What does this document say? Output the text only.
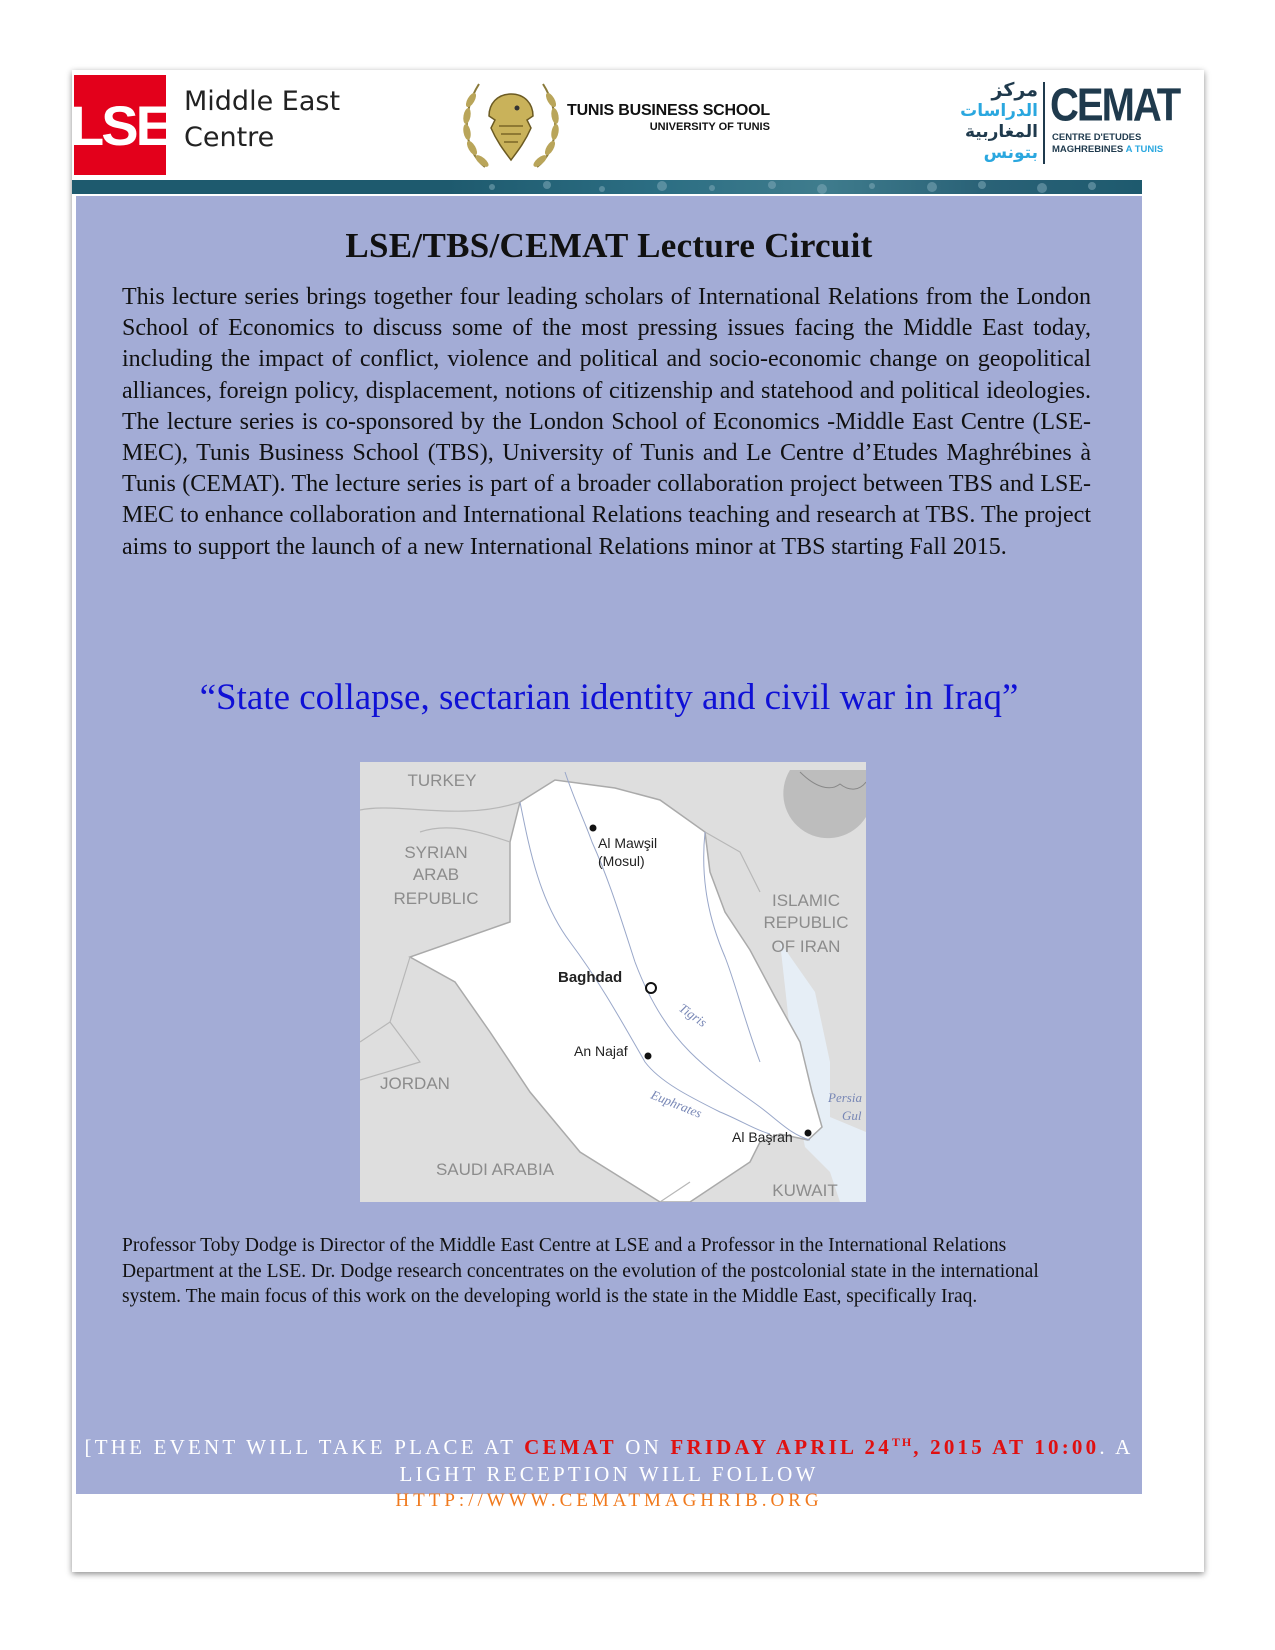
LSE Middle East
Centre
TUNIS BUSINESS SCHOOL
UNIVERSITY OF TUNIS
مركز
الدراسات
المغاربية
بتونس
CEMAT
CENTRE D'ETUDES
MAGHREBINES A TUNIS
LSE/TBS/CEMAT Lecture Circuit

This lecture series brings together four leading scholars of International Relations from the London School of Economics to discuss some of the most pressing issues facing the Middle East today, including the impact of conflict, violence and political and socio-economic change on geopolitical alliances, foreign policy, displacement, notions of citizenship and statehood and political ideologies. The lecture series is co-sponsored by the London School of Economics -Middle East Centre (LSE-MEC), Tunis Business School (TBS), University of Tunis and Le Centre d’Etudes Maghrébines à Tunis (CEMAT). The lecture series is part of a broader collaboration project between TBS and LSE-MEC to enhance collaboration and International Relations teaching and research at TBS. The project aims to support the launch of a new International Relations minor at TBS starting Fall 2015.

“State collapse, sectarian identity and civil war in Iraq”
TURKEY
SYRIAN
ARAB
REPUBLIC	ISLAMIC
REPUBLIC
OF IRAN
JORDAN
SAUDI ARABIA
KUWAIT
Al Mawşil
(Mosul)
Baghdad
An Najaf
Al Başrah
Tigris
Euphrates	Persia
Gul

Professor Toby Dodge is Director of the Middle East Centre at LSE and a Professor in the International Relations Department at the LSE. Dr. Dodge research concentrates on the evolution of the postcolonial state in the international system. The main focus of this work on the developing world is the state in the Middle East, specifically Iraq.

[THE EVENT WILL TAKE PLACE AT CEMAT ON FRIDAY APRIL 24TH, 2015 AT 10:00. A LIGHT RECEPTION WILL FOLLOW
HTTP://WWW.CEMATMAGHRIB.ORG
